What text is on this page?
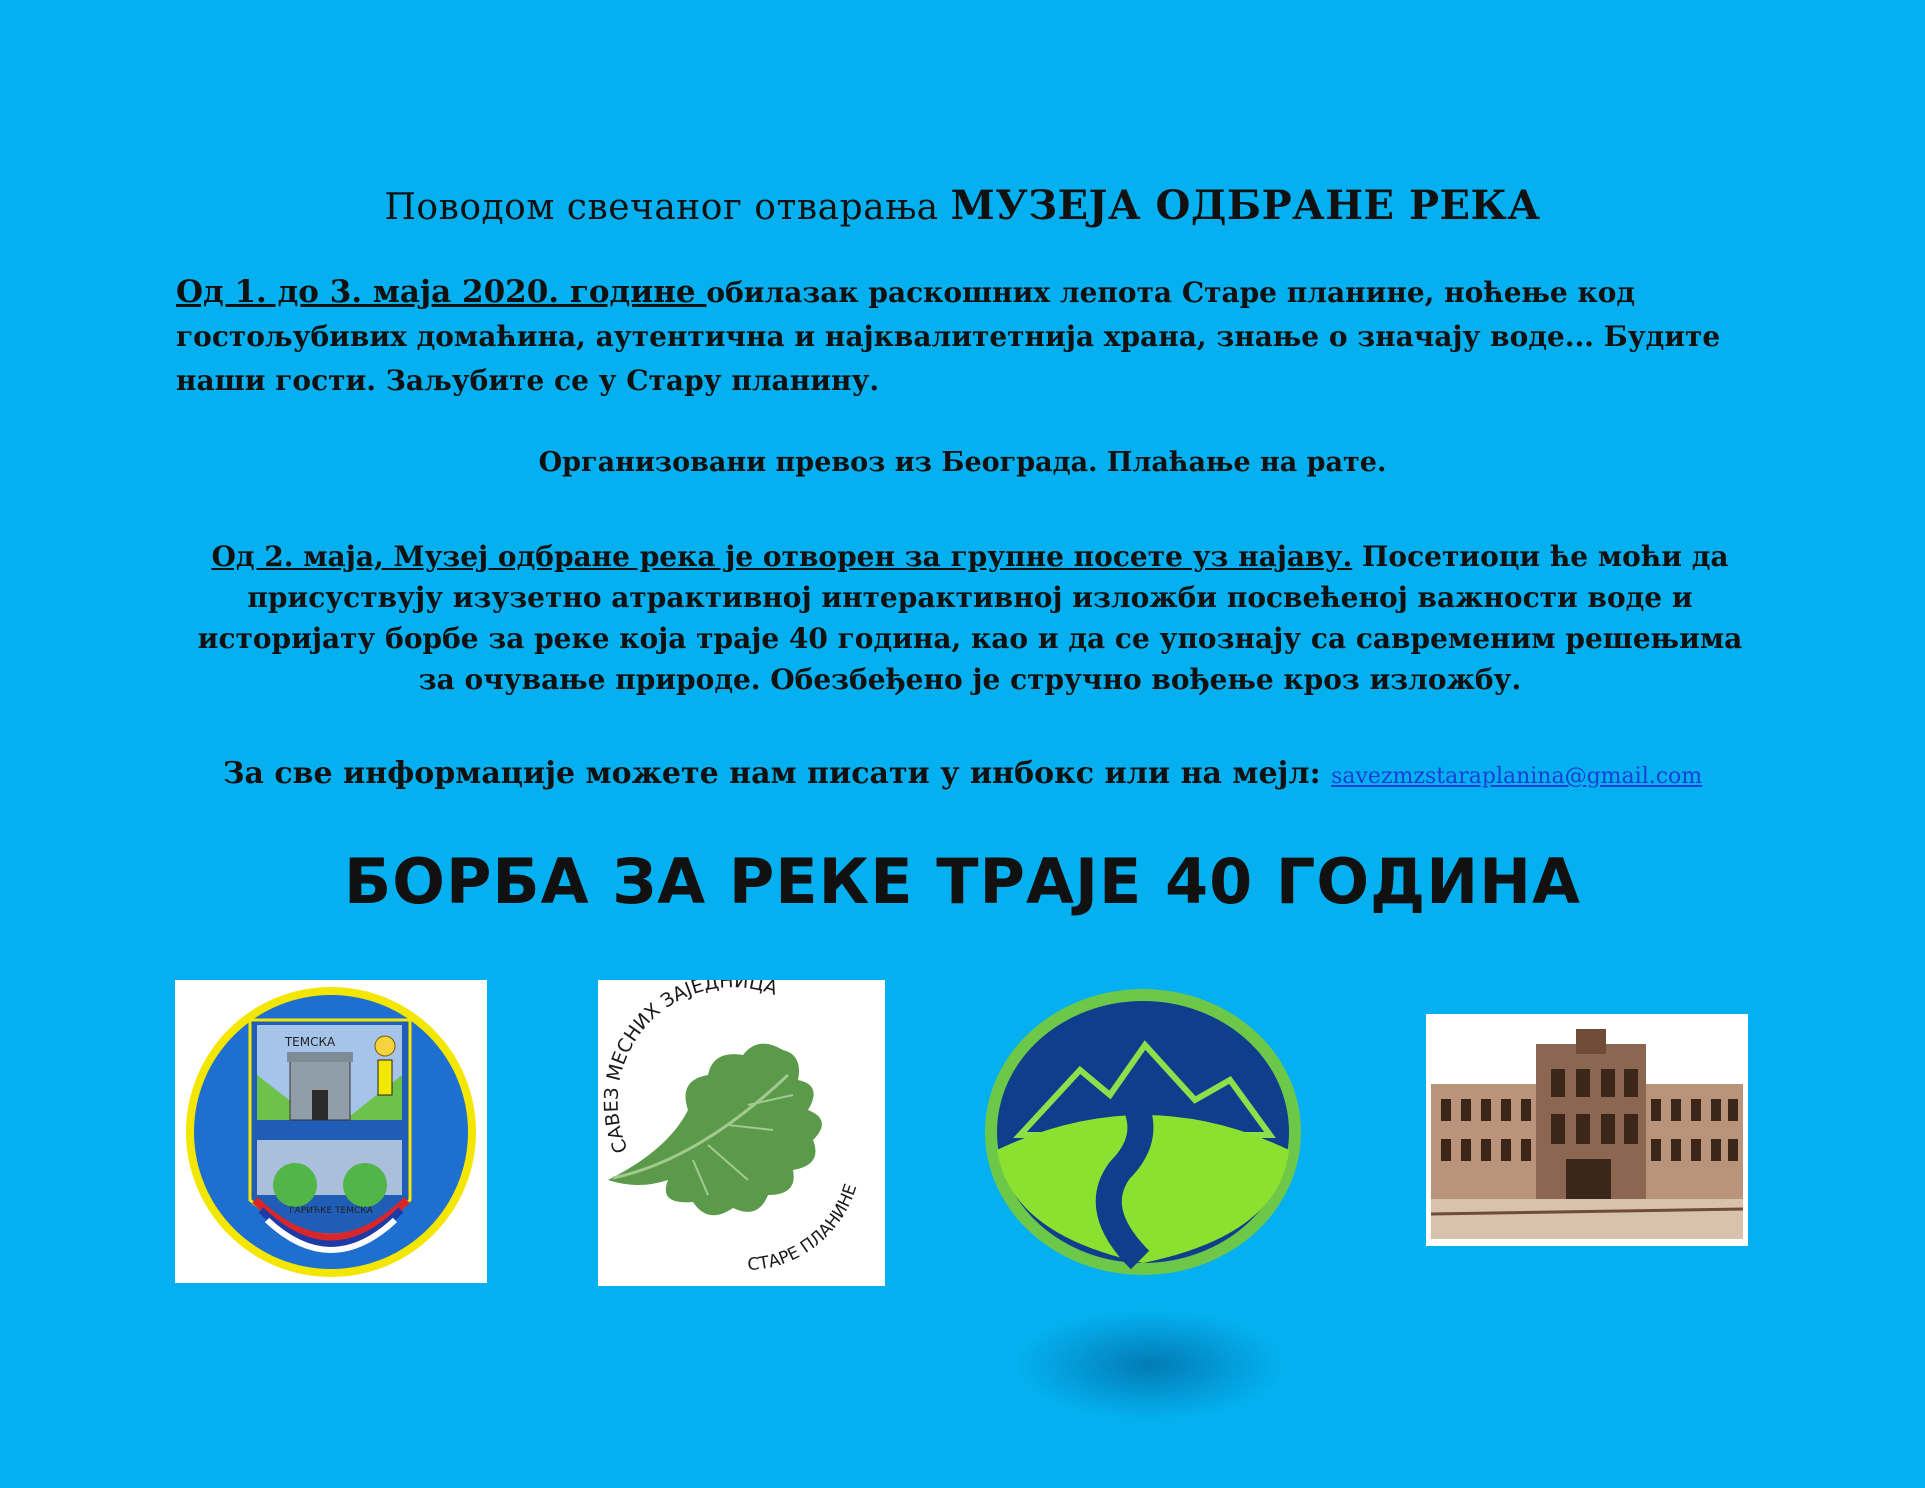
Поводом свечаног отварања МУЗЕЈА ОДБРАНЕ РЕКА
Од 1. до 3. маја 2020. године обилазак раскошних лепота Старе планине, ноћење код гостољубивих домаћина, аутентична и најквалитетнија храна, знање о значају воде... Будите наши гости. Заљубите се у Стару планину.
Организовани превоз из Београда. Плаћање на рате.
Од 2. маја, Музеј одбране река је отворен за групне посете уз најаву. Посетиоци ће моћи да присуствују изузетно атрактивној интерактивној изложби посвећеној важности воде и историјату борбе за реке која траје 40 година, као и да се упознају са савременим решењима за очување природе. Обезбеђено је стручно вођење кроз изложбу.
За све информације можете нам писати у инбокс или на мејл: savezmzstaraplanina@gmail.com
БОРБА ЗА РЕКЕ ТРАЈЕ 40 ГОДИНА
ТЕМСКА
ГАРИЋКЕ ТЕМСКА
САВЕЗ МЕСНИХ ЗАЈЕДНИЦА
СТАРЕ ПЛАНИНЕ
